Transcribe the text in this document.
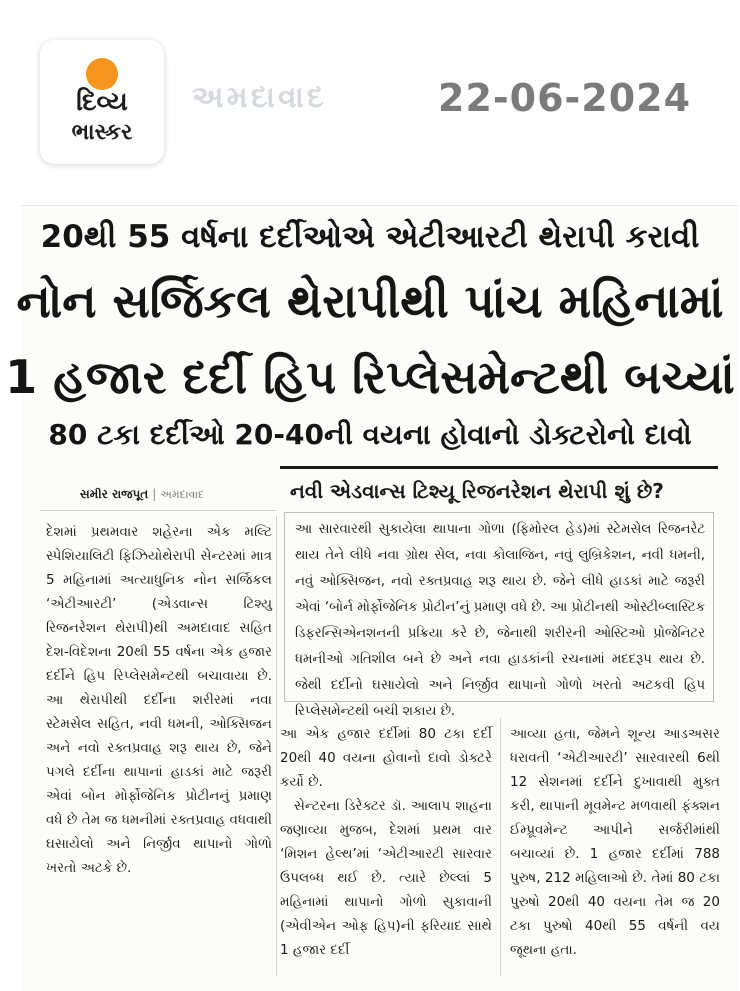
દિવ્ય
ભાસ્કર
અમદાવાદ	22-06-2024
20થી 55 વર્ષના દર્દીઓએ એટીઆરટી થેરાપી કરાવી
નોન સર્જિકલ થેરાપીથી પાંચ મહિનામાં
1 હજાર દર્દી હિપ રિપ્લેસમેન્ટથી બચ્યાં
80 ટકા દર્દીઓ 20-40ની વયના હોવાનો ડોક્ટરોનો દાવો
સમીર રાજપૂત | અમદાવાદ	નવી એડવાન્સ ટિશ્યૂ રિજનરેશન થેરાપી શું છે?
આ સારવારથી સુકાયેલા થાપાના ગોળા (ફિમોરલ હેડ)માં સ્ટેમસેલ રિજનરેટ થાય તેને લીધે નવા ગ્રોથ સેલ, નવા કોલાજિન, નવું લુબ્રિકેશન, નવી ધમની, નવું ઓક્સિજન, નવો રક્તપ્રવાહ શરૂ થાય છે. જેને લીધે હાડકાં માટે જરૂરી એવાં ‘બોર્ન મોર્ફોજેનિક પ્રોટીન’નું પ્રમાણ વધે છે. આ પ્રોટીનથી ઓસ્ટીબ્લાસ્ટિક ડિફરન્સિએનશનની પ્રક્રિયા કરે છે, જેનાથી શરીરની ઓસ્ટિઓ પ્રોજેનિટર ધમનીઓ ગતિશીલ બને છે અને નવા હાડકાંની રચનામાં મદદરૂપ થાય છે. જેથી દર્દીનો ઘસાયેલો અને નિર્જીવ થાપાનો ગોળો ખરતો અટકવી હિપ રિપ્લેસમેન્ટથી બચી શકાય છે.

દેશમાં પ્રથમવાર શહેરના એક મલ્ટિ સ્પેશિયાલિટી ફિઝિયોથેરાપી સેન્ટરમાં માત્ર 5 મહિનામાં અત્યાધુનિક નોન સર્જિકલ ‘એટીઆરટી’ (એડવાન્સ ટિશ્યુ રિજનરેશન થેરાપી)થી અમદાવાદ સહિત દેશ-વિદેશના 20થી 55 વર્ષના એક હજાર દર્દીને હિપ રિપ્લેસમેન્ટથી બચાવાયા છે. આ થેરાપીથી દર્દીના શરીરમાં નવા સ્ટેમસેલ સહિત, નવી ધમની, ઓક્સિજન અને નવો રક્તપ્રવાહ શરૂ થાય છે, જેને પગલે દર્દીના થાપાનાં હાડકાં માટે જરૂરી એવાં બોન મોર્ફોજેનિક પ્રોટીનનું પ્રમાણ વધે છે તેમ જ ધમનીમાં રક્તપ્રવાહ વધવાથી ઘસાયેલો અને નિર્જીવ થાપાનો ગોળો ખરતો અટકે છે.

આ એક હજાર દર્દીમાં 80 ટકા દર્દી 20થી 40 વયના હોવાનો દાવો ડોક્ટરે કર્યો છે.

સેન્ટરના ડિરેક્ટર ડૉ. આલાપ શાહના જણાવ્યા મુજબ, દેશમાં પ્રથમ વાર ‘મિશન હેલ્થ’માં ‘એટીઆરટી સારવાર ઉપલબ્ધ થઈ છે. ત્યારે છેલ્લાં 5 મહિનામાં થાપાનો ગોળો સુકાવાની (એવીએન ઓફ હિપ)ની ફરિયાદ સાથે 1 હજાર દર્દી

આવ્યા હતા, જેમને શૂન્ય આડઅસર ધરાવતી ‘એટીઆરટી’ સારવારથી 6થી 12 સેશનમાં દર્દીને દુખાવાથી મુક્ત કરી, થાપાની મૂવમેન્ટ મળવાથી ફંક્શન ઈમ્પ્રૂવમેન્ટ આપીને સર્જરીમાંથી બચાવ્યાં છે. 1 હજાર દર્દીમાં 788 પુરુષ, 212 મહિલાઓ છે. તેમાં 80 ટકા પુરુષો 20થી 40 વયના તેમ જ 20 ટકા પુરુષો 40થી 55 વર્ષની વય જૂથના હતા.
